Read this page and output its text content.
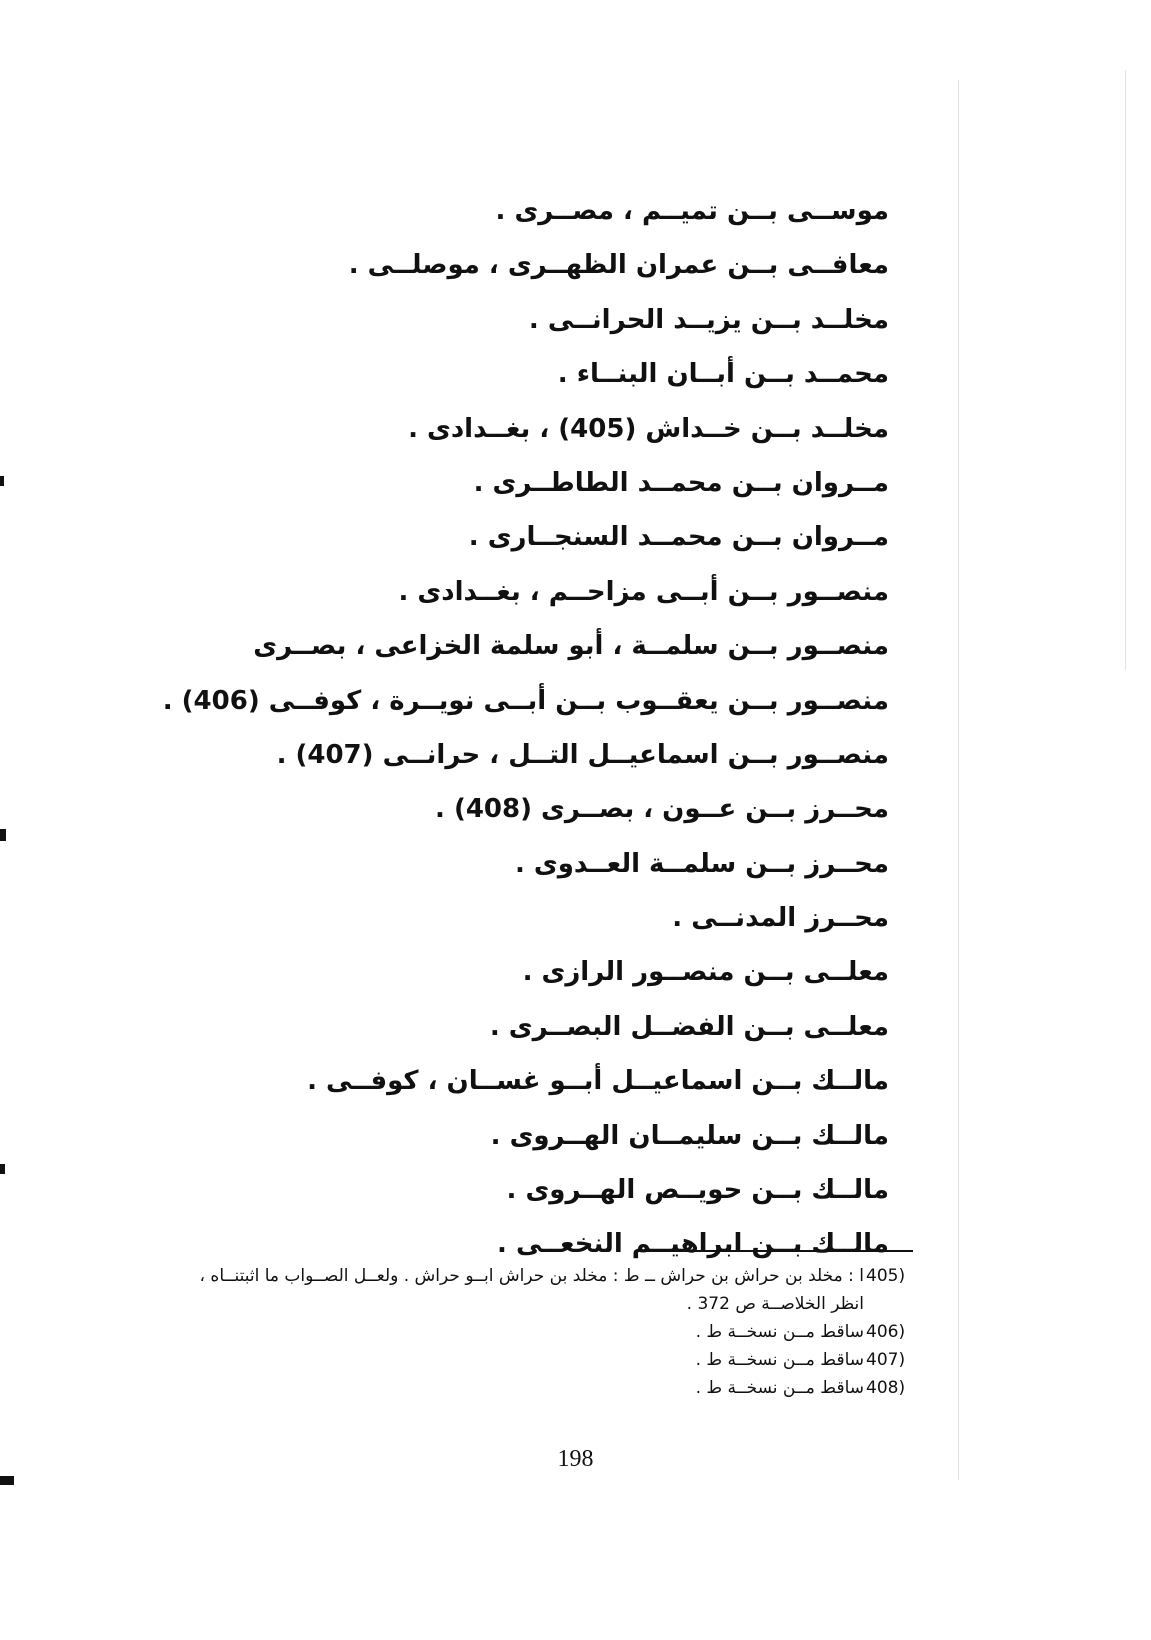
موســى بــن تميــم ، مصــرى .
معافــى بــن عمران الظهــرى ، موصلــى .
مخلــد بــن يزيــد الحرانــى .
محمــد بــن أبــان البنــاء .
مخلــد بــن خــداش (405) ، بغــدادى .
مــروان بــن محمــد الطاطــرى .
مــروان بــن محمــد السنجــارى .
منصــور بــن أبــى مزاحــم ، بغــدادى .
منصــور بــن سلمــة ، أبو سلمة الخزاعى ، بصــرى
منصــور بــن يعقــوب بــن أبــى نويــرة ، كوفــى (406) .
منصــور بــن اسماعيــل التــل ، حرانــى (407) .
محــرز بــن عــون ، بصــرى (408) .
محــرز بــن سلمــة العــدوى .
محــرز المدنــى .
معلــى بــن منصــور الرازى .
معلــى بــن الفضــل البصــرى .
مالــك بــن اسماعيــل أبــو غســان ، كوفــى .
مالــك بــن سليمــان الهــروى .
مالــك بــن حويــص الهــروى .
مالــك بــن ابراهيــم النخعــى .
405)
ا : مخلد بن حراش بن حراش ــ ط : مخلد بن حراش ابــو حراش . ولعــل الصــواب ما اثبتنــاه ، انظر الخلاصــة ص 372 .
406)
ساقط مــن نسخــة ط .
407)
ساقط مــن نسخــة ط .
408)
ساقط مــن نسخــة ط .
198
